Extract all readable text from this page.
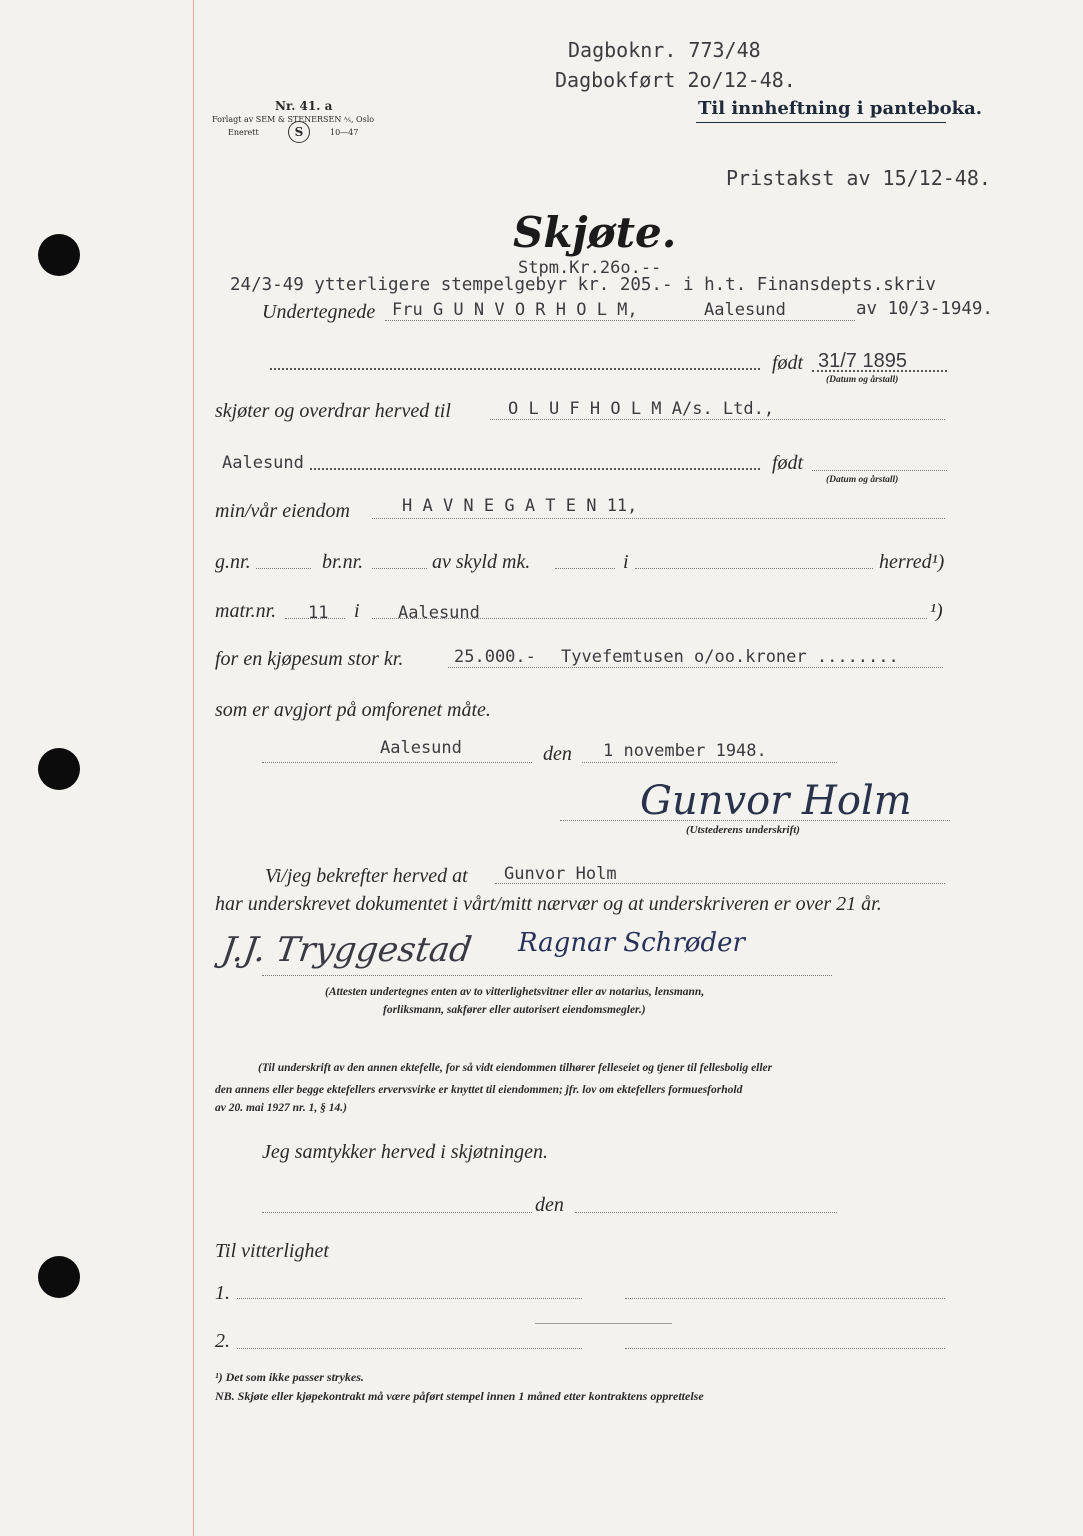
Dagboknr. 773/48
Dagbokført 2o/12-48.
Til innheftning i panteboka.
Pristakst av 15/12-48.
Nr. 41. a
Forlagt av SEM & STENERSEN ⅍, Oslo
Enerett	S	10—47
Skjøte.
Stpm.Kr.26o.--
24/3-49 ytterligere stempelgebyr kr. 205.- i h.t. Finansdepts.skriv
av 10/3-1949.
Undertegnede Fru G U N V O R H O L M,	Aalesund
født 31/7 1895
(Datum og årstall)
skjøter og overdrar herved til	O L U F H O L M A/s. Ltd.,
Aalesund	født
(Datum og årstall)
min/vår eiendom	H A V N E G A T E N 11,
g.nr.	br.nr.	av skyld mk.	i	herred¹)
matr.nr. 11 i Aalesund	¹)
for en kjøpesum stor kr.	25.000.- Tyvefemtusen o/oo.kroner ........
som er avgjort på omforenet måte.
Aalesund	den 1 november 1948.
Gunvor Holm
(Utstederens underskrift)
Vi/jeg bekrefter herved at Gunvor Holm
har underskrevet dokumentet i vårt/mitt nærvær og at underskriveren er over 21 år.
J.J. Tryggestad Ragnar Schrøder
(Attesten undertegnes enten av to vitterlighetsvitner eller av notarius, lensmann,
forliksmann, sakfører eller autorisert eiendomsmegler.)
(Til underskrift av den annen ektefelle, for så vidt eiendommen tilhører felleseiet og tjener til fellesbolig eller
den annens eller begge ektefellers ervervsvirke er knyttet til eiendommen; jfr. lov om ektefellers formuesforhold
av 20. mai 1927 nr. 1, § 14.)
Jeg samtykker herved i skjøtningen.
den
Til vitterlighet
1.
2.
¹) Det som ikke passer strykes.
NB. Skjøte eller kjøpekontrakt må være påført stempel innen 1 måned etter kontraktens opprettelse
